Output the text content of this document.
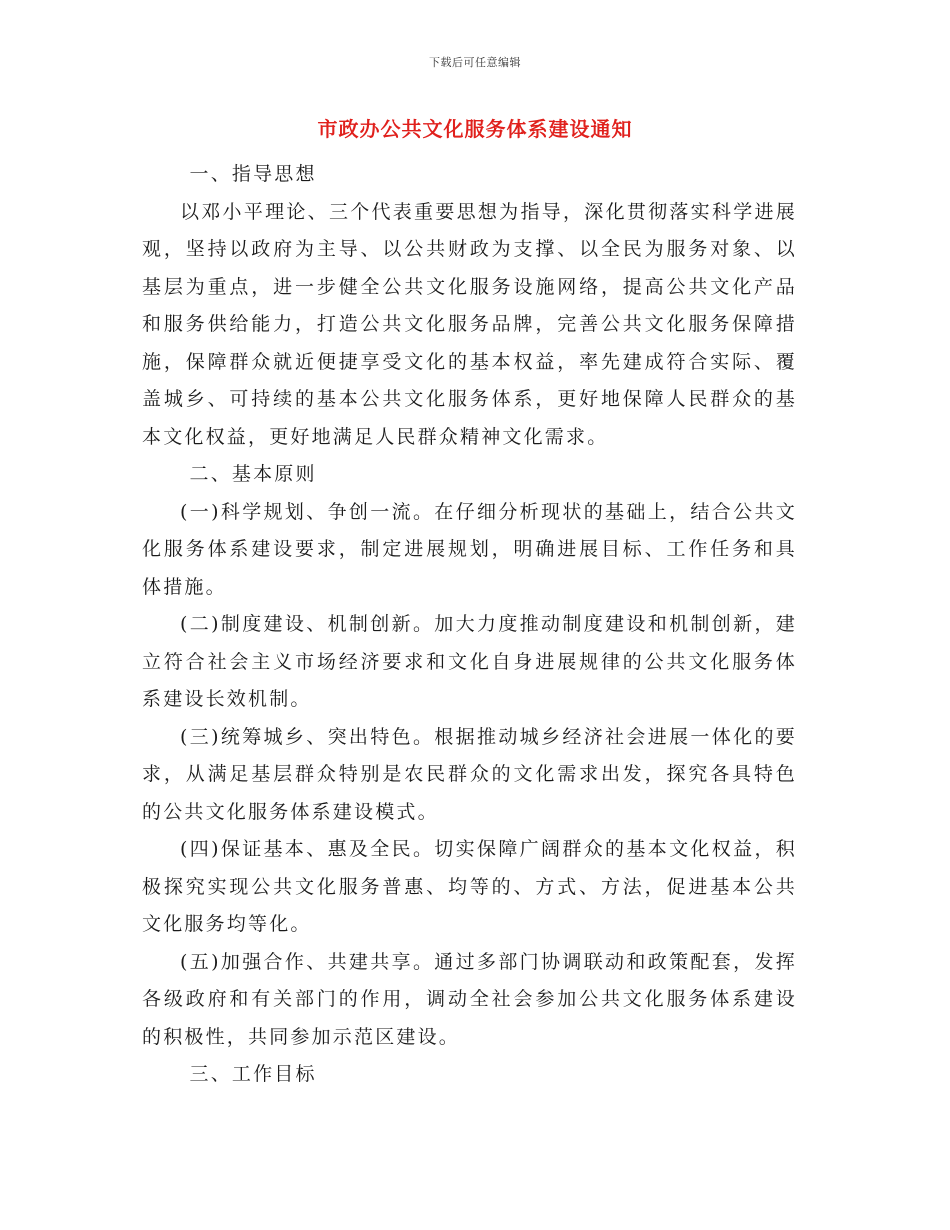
下载后可任意编辑
市政办公共文化服务体系建设通知

一、指导思想

以邓小平理论、三个代表重要思想为指导，深化贯彻落实科学进展观，坚持以政府为主导、以公共财政为支撑、以全民为服务对象、以基层为重点，进一步健全公共文化服务设施网络，提高公共文化产品和服务供给能力，打造公共文化服务品牌，完善公共文化服务保障措施，保障群众就近便捷享受文化的基本权益，率先建成符合实际、覆盖城乡、可持续的基本公共文化服务体系，更好地保障人民群众的基本文化权益，更好地满足人民群众精神文化需求。

二、基本原则

(一)科学规划、争创一流。在仔细分析现状的基础上，结合公共文化服务体系建设要求，制定进展规划，明确进展目标、工作任务和具体措施。

(二)制度建设、机制创新。加大力度推动制度建设和机制创新，建立符合社会主义市场经济要求和文化自身进展规律的公共文化服务体系建设长效机制。

(三)统筹城乡、突出特色。根据推动城乡经济社会进展一体化的要求，从满足基层群众特别是农民群众的文化需求出发，探究各具特色的公共文化服务体系建设模式。

(四)保证基本、惠及全民。切实保障广阔群众的基本文化权益，积极探究实现公共文化服务普惠、均等的、方式、方法，促进基本公共文化服务均等化。

(五)加强合作、共建共享。通过多部门协调联动和政策配套，发挥各级政府和有关部门的作用，调动全社会参加公共文化服务体系建设的积极性，共同参加示范区建设。

三、工作目标
